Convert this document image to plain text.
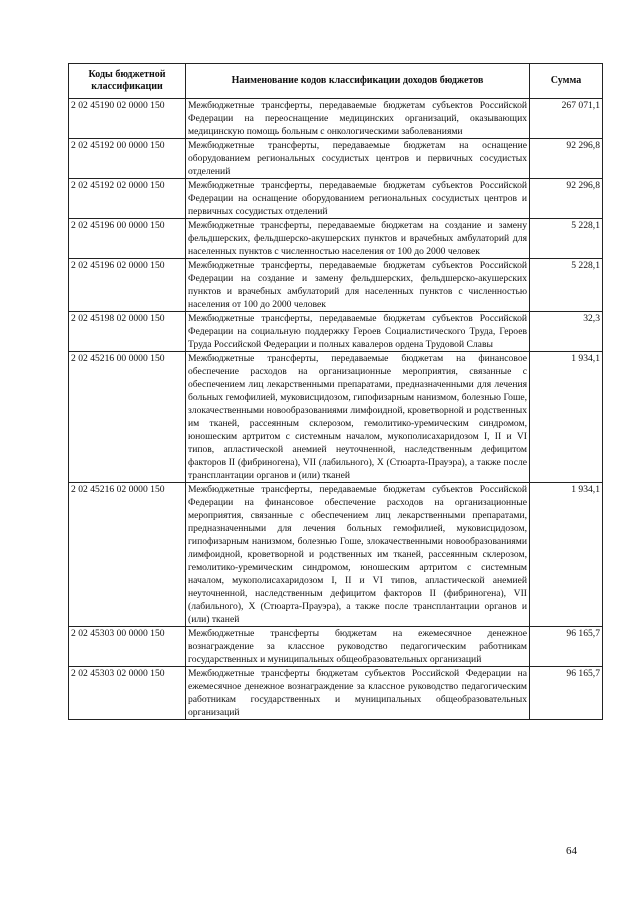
Коды бюджетной классификации	Наименование кодов классификации доходов бюджетов	Сумма
2 02 45190 02 0000 150	Межбюджетные трансферты, передаваемые бюджетам субъектов Российской Федерации на переоснащение медицинских организаций, оказывающих медицинскую помощь больным с онкологическими заболеваниями	267 071,1
2 02 45192 00 0000 150	Межбюджетные трансферты, передаваемые бюджетам на оснащение оборудованием региональных сосудистых центров и первичных сосудистых отделений	92 296,8
2 02 45192 02 0000 150	Межбюджетные трансферты, передаваемые бюджетам субъектов Российской Федерации на оснащение оборудованием региональных сосудистых центров и первичных сосудистых отделений	92 296,8
2 02 45196 00 0000 150	Межбюджетные трансферты, передаваемые бюджетам на создание и замену фельдшерских, фельдшерско-акушерских пунктов и врачебных амбулаторий для населенных пунктов с численностью населения от 100 до 2000 человек	5 228,1
2 02 45196 02 0000 150	Межбюджетные трансферты, передаваемые бюджетам субъектов Российской Федерации на создание и замену фельдшерских, фельдшерско-акушерских пунктов и врачебных амбулаторий для населенных пунктов с численностью населения от 100 до 2000 человек	5 228,1
2 02 45198 02 0000 150	Межбюджетные трансферты, передаваемые бюджетам субъектов Российской Федерации на социальную поддержку Героев Социалистического Труда, Героев Труда Российской Федерации и полных кавалеров ордена Трудовой Славы	32,3
2 02 45216 00 0000 150	Межбюджетные трансферты, передаваемые бюджетам на финансовое обеспечение расходов на организационные мероприятия, связанные с обеспечением лиц лекарственными препаратами, предназначенными для лечения больных гемофилией, муковисцидозом, гипофизарным нанизмом, болезнью Гоше, злокачественными новообразованиями лимфоидной, кроветворной и родственных им тканей, рассеянным склерозом, гемолитико-уремическим синдромом, юношеским артритом с системным началом, мукополисахаридозом I, II и VI типов, апластической анемией неуточненной, наследственным дефицитом факторов II (фибриногена), VII (лабильного), X (Стюарта-Прауэра), а также после трансплантации органов и (или) тканей	1 934,1
2 02 45216 02 0000 150	Межбюджетные трансферты, передаваемые бюджетам субъектов Российской Федерации на финансовое обеспечение расходов на организационные мероприятия, связанные с обеспечением лиц лекарственными препаратами, предназначенными для лечения больных гемофилией, муковисцидозом, гипофизарным нанизмом, болезнью Гоше, злокачественными новообразованиями лимфоидной, кроветворной и родственных им тканей, рассеянным склерозом, гемолитико-уремическим синдромом, юношеским артритом с системным началом, мукополисахаридозом I, II и VI типов, апластической анемией неуточненной, наследственным дефицитом факторов II (фибриногена), VII (лабильного), X (Стюарта-Прауэра), а также после трансплантации органов и (или) тканей	1 934,1
2 02 45303 00 0000 150	Межбюджетные трансферты бюджетам на ежемесячное денежное вознаграждение за классное руководство педагогическим работникам государственных и муниципальных общеобразовательных организаций	96 165,7
2 02 45303 02 0000 150	Межбюджетные трансферты бюджетам субъектов Российской Федерации на ежемесячное денежное вознаграждение за классное руководство педагогическим работникам государственных и муниципальных общеобразовательных организаций	96 165,7
64
